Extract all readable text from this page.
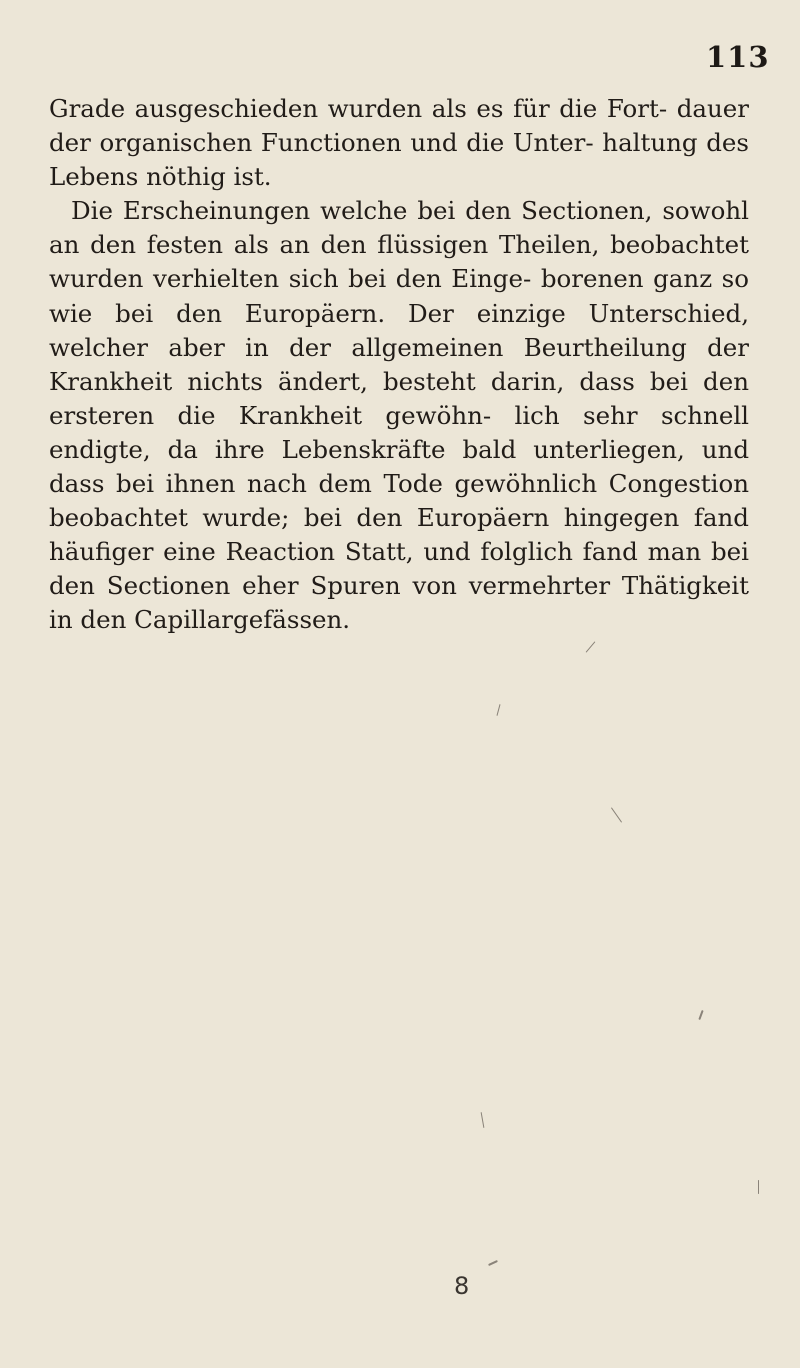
113

Grade ausgeschieden wurden als es für die Fort- dauer der organischen Functionen und die Unter- haltung des Lebens nöthig ist.

Die Erscheinungen welche bei den Sectionen, sowohl an den festen als an den flüssigen Theilen, beobachtet wurden verhielten sich bei den Einge- borenen ganz so wie bei den Europäern. Der einzige Unterschied, welcher aber in der allgemeinen Beurtheilung der Krankheit nichts ändert, besteht darin, dass bei den ersteren die Krankheit gewöhn- lich sehr schnell endigte, da ihre Lebenskräfte bald unterliegen, und dass bei ihnen nach dem Tode gewöhnlich Congestion beobachtet wurde; bei den Europäern hingegen fand häufiger eine Reaction Statt, und folglich fand man bei den Sectionen eher Spuren von vermehrter Thätigkeit in den Capillargefässen.

8
